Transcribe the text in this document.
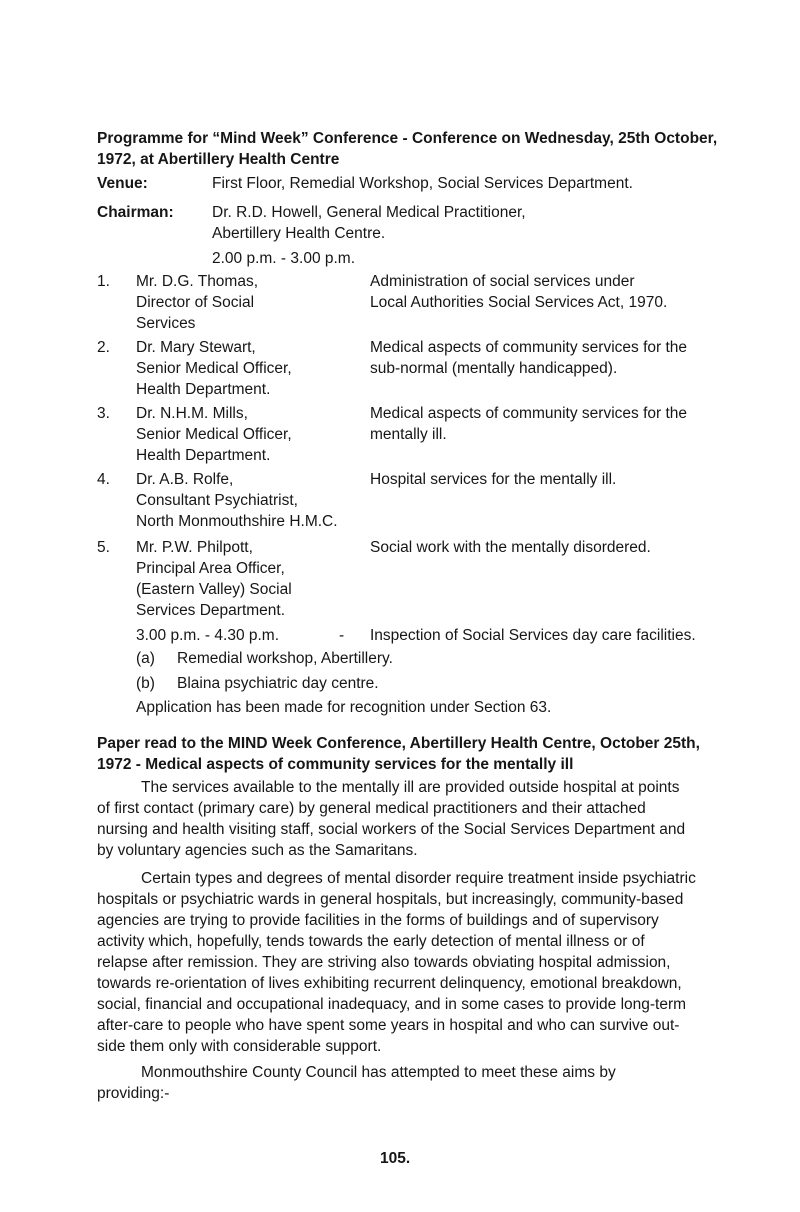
Programme for “Mind Week” Conference - Conference on Wednesday, 25th October,
1972, at Abertillery Health Centre
Venue:	First Floor, Remedial Workshop, Social Services Department.
Chairman: Dr. R.D. Howell, General Medical Practitioner,
Abertillery Health Centre.
2.00 p.m. - 3.00 p.m.
1. Mr. D.G. Thomas,
Director of Social
Services
Administration of social services under
Local Authorities Social Services Act, 1970.
2. Dr. Mary Stewart,
Senior Medical Officer,
Health Department.
Medical aspects of community services for the
sub-normal (mentally handicapped).
3. Dr. N.H.M. Mills,
Senior Medical Officer,
Health Department.
Medical aspects of community services for the
mentally ill.
4. Dr. A.B. Rolfe,
Consultant Psychiatrist,
North Monmouthshire H.M.C.
Hospital services for the mentally ill.
5. Mr. P.W. Philpott,
Principal Area Officer,
(Eastern Valley) Social
Services Department.
Social work with the mentally disordered.
3.00 p.m. - 4.30 p.m.	- Inspection of Social Services day care facilities.
(a) Remedial workshop, Abertillery.
(b) Blaina psychiatric day centre.
Application has been made for recognition under Section 63.
Paper read to the MIND Week Conference, Abertillery Health Centre, October 25th,
1972 - Medical aspects of community services for the mentally ill
The services available to the mentally ill are provided outside hospital at points
of first contact (primary care) by general medical practitioners and their attached
nursing and health visiting staff, social workers of the Social Services Department and
by voluntary agencies such as the Samaritans.
Certain types and degrees of mental disorder require treatment inside psychiatric
hospitals or psychiatric wards in general hospitals, but increasingly, community-based
agencies are trying to provide facilities in the forms of buildings and of supervisory
activity which, hopefully, tends towards the early detection of mental illness or of
relapse after remission. They are striving also towards obviating hospital admission,
towards re-orientation of lives exhibiting recurrent delinquency, emotional breakdown,
social, financial and occupational inadequacy, and in some cases to provide long-term
after-care to people who have spent some years in hospital and who can survive out-
side them only with considerable support.
Monmouthshire County Council has attempted to meet these aims by
providing:-
105.
